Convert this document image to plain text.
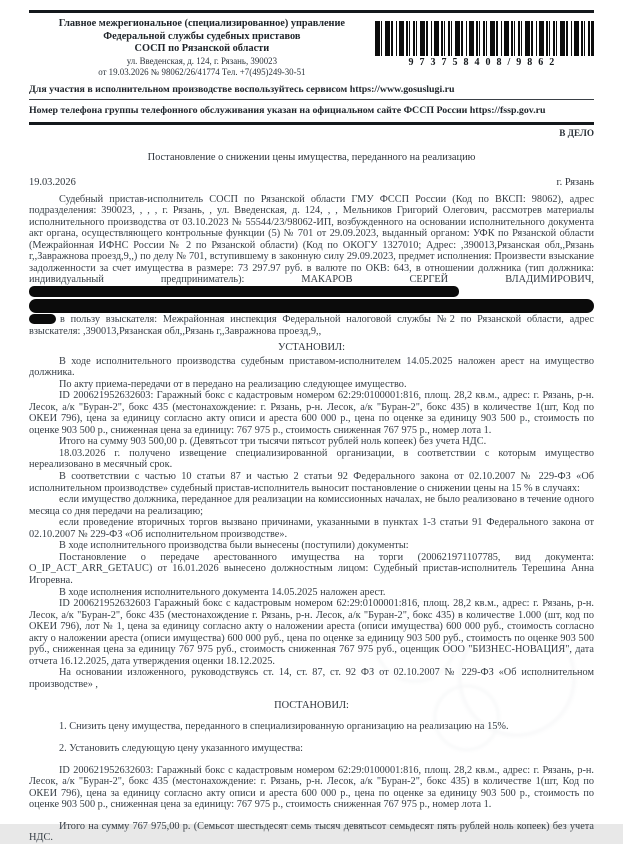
Главное межрегиональное (специализированное) управление Федеральной службы судебных приставов
СОСП по Рязанской области
ул. Введенская, д. 124, г. Рязань, 390023
от 19.03.2026 № 98062/26/41774 Тел. +7(495)249-30-51
973758408/9862
Для участия в исполнительном производстве воспользуйтесь сервисом https://www.gosuslugi.ru
Номер телефона группы телефонного обслуживания указан на официальном сайте ФССП России https://fssp.gov.ru
В ДЕЛО
Постановление о снижении цены имущества, переданного на реализацию
19.03.2026	г. Рязань

Судебный пристав-исполнитель СОСП по Рязанской области ГМУ ФССП России (Код по ВКСП: 98062), адрес подразделения: 390023, , , , г. Рязань, , ул. Введенская, д. 124, , , Мельников Григорий Олегович, рассмотрев материалы исполнительного производства от 03.10.2023 № 55544/23/98062-ИП, возбужденного на основании исполнительного документа акт органа, осуществляющего контрольные функции (5) № 701 от 29.09.2023, выданный органом: УФК по Рязанской области (Межрайонная ИФНС России № 2 по Рязанской области) (Код по ОКОГУ 1327010; Адрес: ,390013,Рязанская обл,,Рязань г,,Завражнова проезд,9,,) по делу № 701, вступившему в законную силу 29.09.2023, предмет исполнения: Произвести взыскание задолженности за счет имущества в размере: 73 297.97 руб. в валюте по ОКВ: 643, в отношении должника (тип должника: индивидуальный предприниматель): МАКАРОВ СЕРГЕЙ ВЛАДИМИРОВИЧ,

в пользу взыскателя: Межрайонная инспекция Федеральной налоговой службы №2 по Рязанской области, адрес взыскателя: ,390013,Рязанская обл,,Рязань г,,Завражнова проезд,9,,

УСТАНОВИЛ:

В ходе исполнительного производства судебным приставом-исполнителем 14.05.2025 наложен арест на имущество должника.

По акту приема-передачи от в передано на реализацию следующее имущество.

ID 200621952632603: Гаражный бокс с кадастровым номером 62:29:0100001:816, площ. 28,2 кв.м., адрес: г. Рязань, р-н. Лесок, а/к "Буран-2", бокс 435 (местонахождение: г. Рязань, р-н. Лесок, а/к "Буран-2", бокс 435) в количестве 1(шт, Код по ОКЕИ 796), цена за единицу согласно акту описи и ареста 600 000 р., цена по оценке за единицу 903 500 р., стоимость по оценке 903 500 р., сниженная цена за единицу: 767 975 р., стоимость сниженная 767 975 р., номер лота 1.

Итого на сумму 903 500,00 р. (Девятьсот три тысячи пятьсот рублей ноль копеек) без учета НДС.

18.03.2026 г. получено извещение специализированной организации, в соответствии с которым имущество нереализовано в месячный срок.

В соответствии с частью 10 статьи 87 и частью 2 статьи 92 Федерального закона от 02.10.2007 № 229-ФЗ «Об исполнительном производстве» судебный пристав-исполнитель выносит постановление о снижении цены на 15 % в случаях:

если имущество должника, переданное для реализации на комиссионных началах, не было реализовано в течение одного месяца со дня передачи на реализацию;

если проведение вторичных торгов вызвано причинами, указанными в пунктах 1-3 статьи 91 Федерального закона от 02.10.2007 № 229-ФЗ «Об исполнительном производстве».

В ходе исполнительного производства были вынесены (поступили) документы:

Постановление о передаче арестованного имущества на торги (200621971107785, вид документа: O_IP_ACT_ARR_GETAUC) от 16.01.2026 вынесено должностным лицом: Судебный пристав-исполнитель Терешина Анна Игоревна.

В ходе исполнения исполнительного документа 14.05.2025 наложен арест.

ID 200621952632603 Гаражный бокс с кадастровым номером 62:29:0100001:816, площ. 28,2 кв.м., адрес: г. Рязань, р-н. Лесок, а/к "Буран-2", бокс 435 (местонахождение г. Рязань, р-н. Лесок, а/к "Буран-2", бокс 435) в количестве 1.000 (шт, код по ОКЕИ 796), лот № 1, цена за единицу согласно акту о наложении ареста (описи имущества) 600 000 руб., стоимость согласно акту о наложении ареста (описи имущества) 600 000 руб., цена по оценке за единицу 903 500 руб., стоимость по оценке 903 500 руб., сниженная цена за единицу 767 975 руб., стоимость сниженная 767 975 руб., оценщик ООО "БИЗНЕС-НОВАЦИЯ", дата отчета 16.12.2025, дата утверждения оценки 18.12.2025.

На основании изложенного, руководствуясь ст. 14, ст. 87, ст. 92 ФЗ от 02.10.2007 № 229-ФЗ «Об исполнительном производстве» ,

ПОСТАНОВИЛ:

1. Снизить цену имущества, переданного в специализированную организацию на реализацию на 15%.

2. Установить следующую цену указанного имущества:

ID 200621952632603: Гаражный бокс с кадастровым номером 62:29:0100001:816, площ. 28,2 кв.м., адрес: г. Рязань, р-н. Лесок, а/к "Буран-2", бокс 435 (местонахождение: г. Рязань, р-н. Лесок, а/к "Буран-2", бокс 435) в количестве 1(шт, Код по ОКЕИ 796), цена за единицу согласно акту описи и ареста 600 000 р., цена по оценке за единицу 903 500 р., стоимость по оценке 903 500 р., сниженная цена за единицу: 767 975 р., стоимость сниженная 767 975 р., номер лота 1.

Итого на сумму 767 975,00 р. (Семьсот шестьдесят семь тысяч девятьсот семьдесят пять рублей ноль копеек) без учета НДС.
